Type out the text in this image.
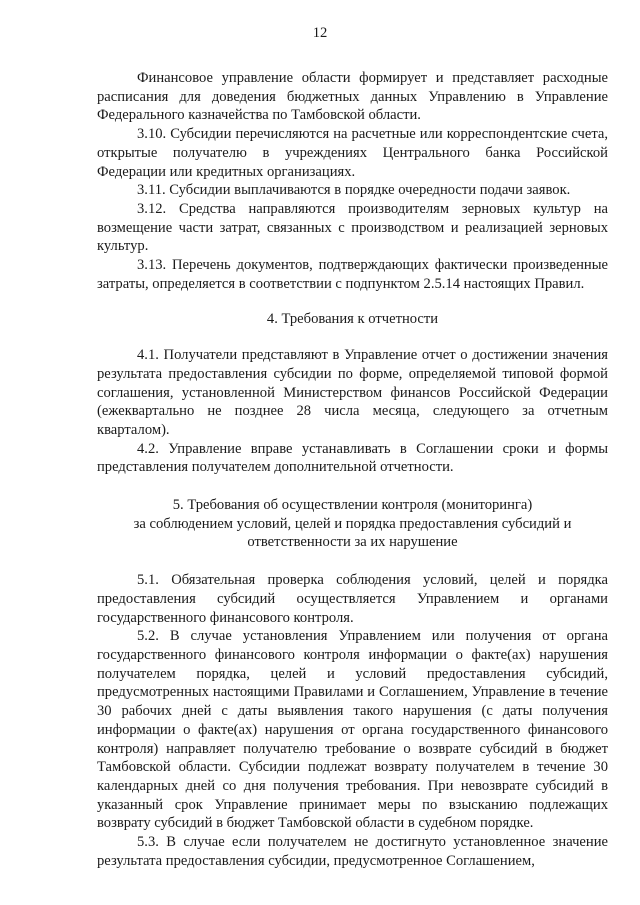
12

Финансовое управление области формирует и представляет расходные расписания для доведения бюджетных данных Управлению в Управление Федерального казначейства по Тамбовской области.

3.10. Субсидии перечисляются на расчетные или корреспондентские счета, открытые получателю в учреждениях Центрального банка Российской Федерации или кредитных организациях.

3.11. Субсидии выплачиваются в порядке очередности подачи заявок.

3.12. Средства направляются производителям зерновых культур на возмещение части затрат, связанных с производством и реализацией зерновых культур.

3.13. Перечень документов, подтверждающих фактически произведенные затраты, определяется в соответствии с подпунктом 2.5.14 настоящих Правил.

4. Требования к отчетности

4.1. Получатели представляют в Управление отчет о достижении значения результата предоставления субсидии по форме, определяемой типовой формой соглашения, установленной Министерством финансов Российской Федерации (ежеквартально не позднее 28 числа месяца, следующего за отчетным кварталом).

4.2. Управление вправе устанавливать в Соглашении сроки и формы представления получателем дополнительной отчетности.

5. Требования об осуществлении контроля (мониторинга)

за соблюдением условий, целей и порядка предоставления субсидий и

ответственности за их нарушение

5.1. Обязательная проверка соблюдения условий, целей и порядка предоставления субсидий осуществляется Управлением и органами государственного финансового контроля.

5.2. В случае установления Управлением или получения от органа государственного финансового контроля информации о факте(ах) нарушения получателем порядка, целей и условий предоставления субсидий, предусмотренных настоящими Правилами и Соглашением, Управление в течение 30 рабочих дней с даты выявления такого нарушения (с даты получения информации о факте(ах) нарушения от органа государственного финансового контроля) направляет получателю требование о возврате субсидий в бюджет Тамбовской области. Субсидии подлежат возврату получателем в течение 30 календарных дней со дня получения требования. При невозврате субсидий в указанный срок Управление принимает меры по взысканию подлежащих возврату субсидий в бюджет Тамбовской области в судебном порядке.

5.3. В случае если получателем не достигнуто установленное значение результата предоставления субсидии, предусмотренное Соглашением,
